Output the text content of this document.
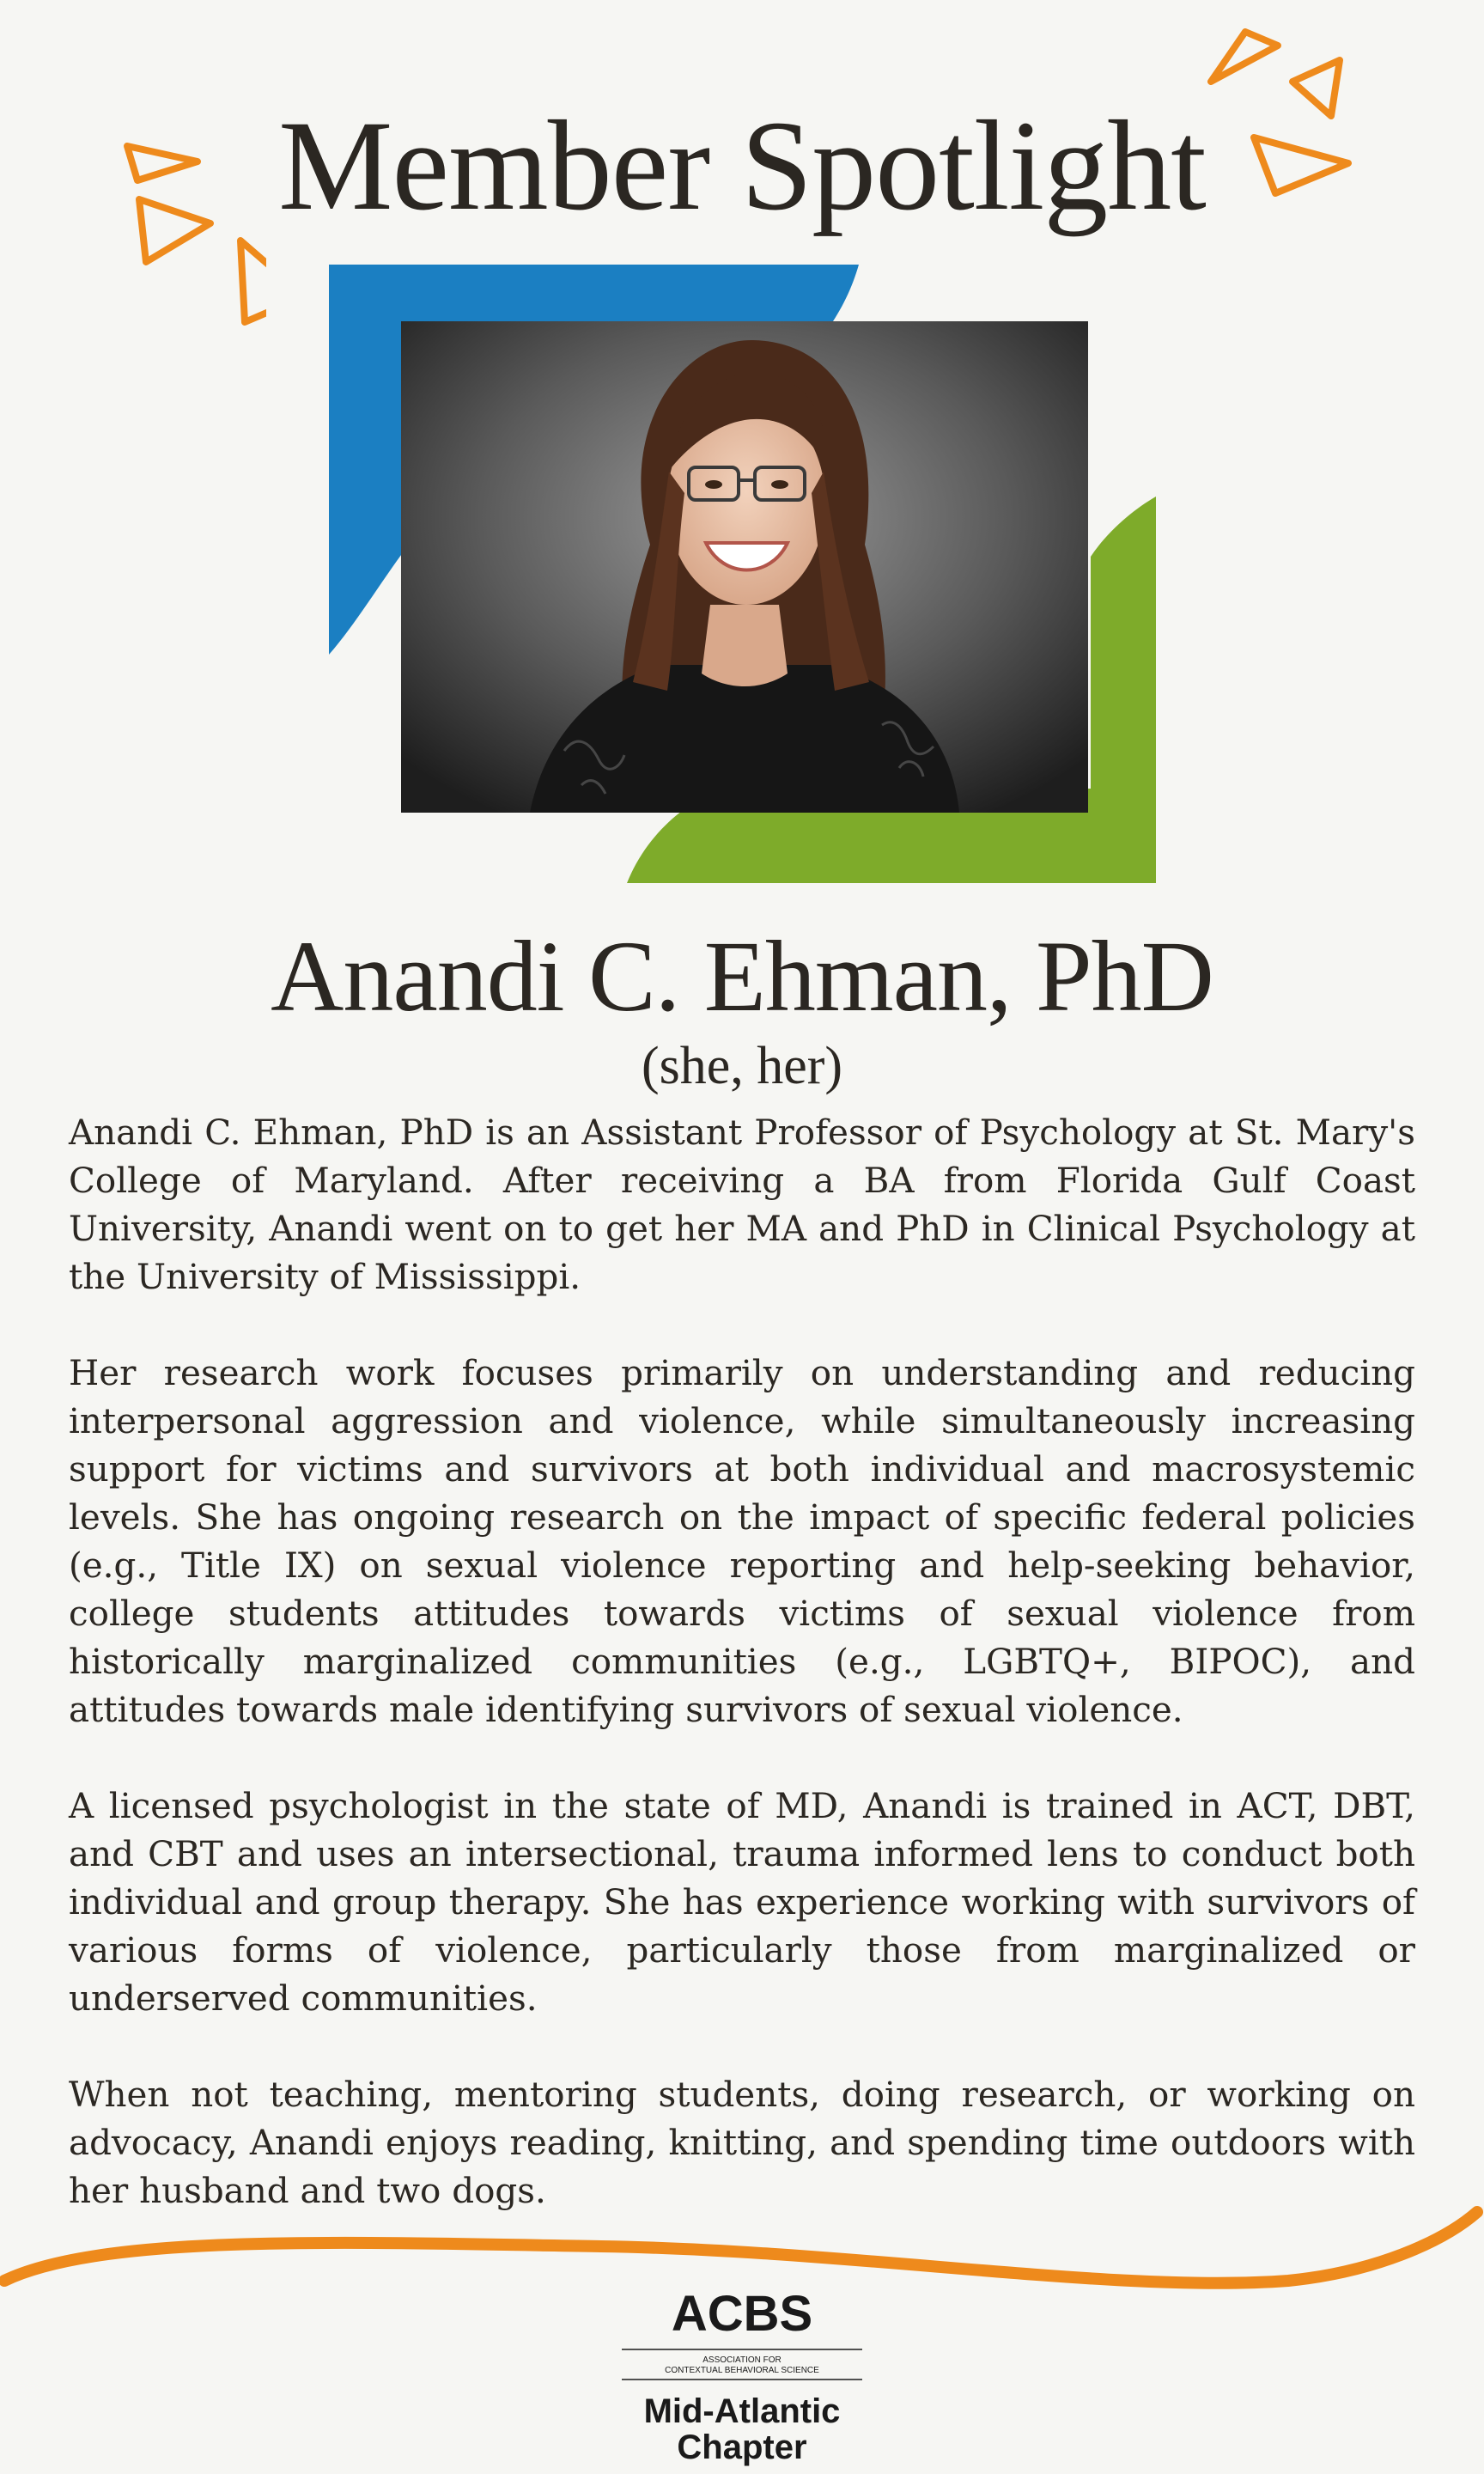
Member Spotlight
Anandi C. Ehman, PhD
(she, her)

Anandi C. Ehman, PhD is an Assistant Professor of Psychology at St. Mary's College of Maryland. After receiving a BA from Florida Gulf Coast University, Anandi went on to get her MA and PhD in Clinical Psychology at the University of Mississippi.

Her research work focuses primarily on understanding and reducing interpersonal aggression and violence, while simultaneously increasing support for victims and survivors at both individual and macrosystemic levels. She has ongoing research on the impact of specific federal policies (e.g., Title IX) on sexual violence reporting and help-seeking behavior, college students attitudes towards victims of sexual violence from historically marginalized communities (e.g., LGBTQ+, BIPOC), and attitudes towards male identifying survivors of sexual violence.

A licensed psychologist in the state of MD, Anandi is trained in ACT, DBT, and CBT and uses an intersectional, trauma informed lens to conduct both individual and group therapy. She has experience working with survivors of various forms of violence, particularly those from marginalized or underserved communities.

When not teaching, mentoring students, doing research, or working on advocacy, Anandi enjoys reading, knitting, and spending time outdoors with her husband and two dogs.

ACBS
ASSOCIATION FOR
CONTEXTUAL BEHAVIORAL SCIENCE
Mid-Atlantic
Chapter
